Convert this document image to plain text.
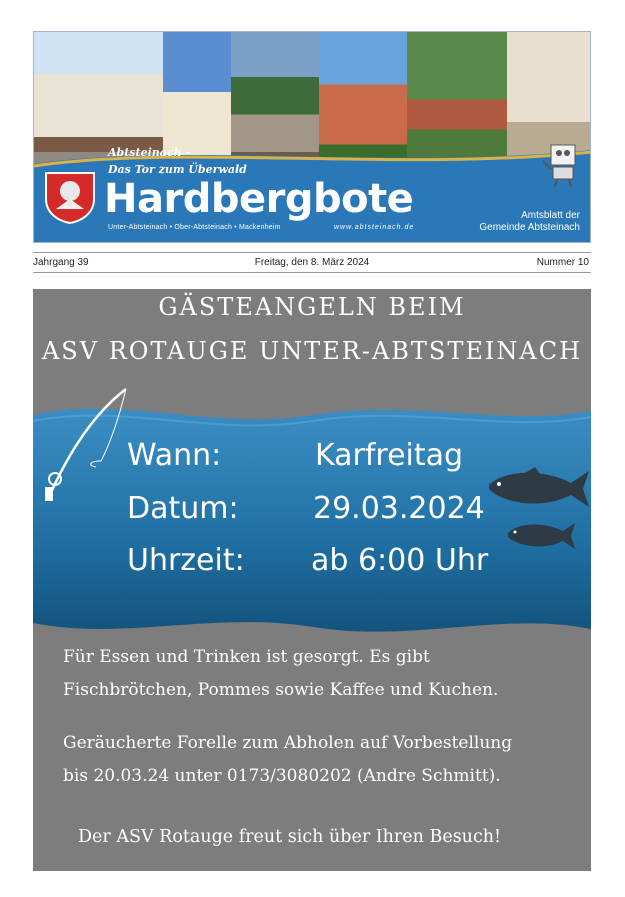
Abtsteinach -
Das Tor zum Überwald
Hardbergbote
Unter-Abtsteinach • Ober-Abtsteinach • Mackenheim	www.abtsteinach.de
Amtsblatt der
Gemeinde Abtsteinach
Jahrgang 39	Freitag, den 8. März 2024	Nummer 10
GÄSTEANGELN BEIM
ASV ROTAUGE UNTER-ABTSTEINACH
Wann:	Karfreitag
Datum: 29.03.2024
Uhrzeit: ab 6:00 Uhr
Für Essen und Trinken ist gesorgt. Es gibt
Fischbrötchen, Pommes sowie Kaffee und Kuchen.
Geräucherte Forelle zum Abholen auf Vorbestellung
bis 20.03.24 unter 0173/3080202 (Andre Schmitt).
Der ASV Rotauge freut sich über Ihren Besuch!
